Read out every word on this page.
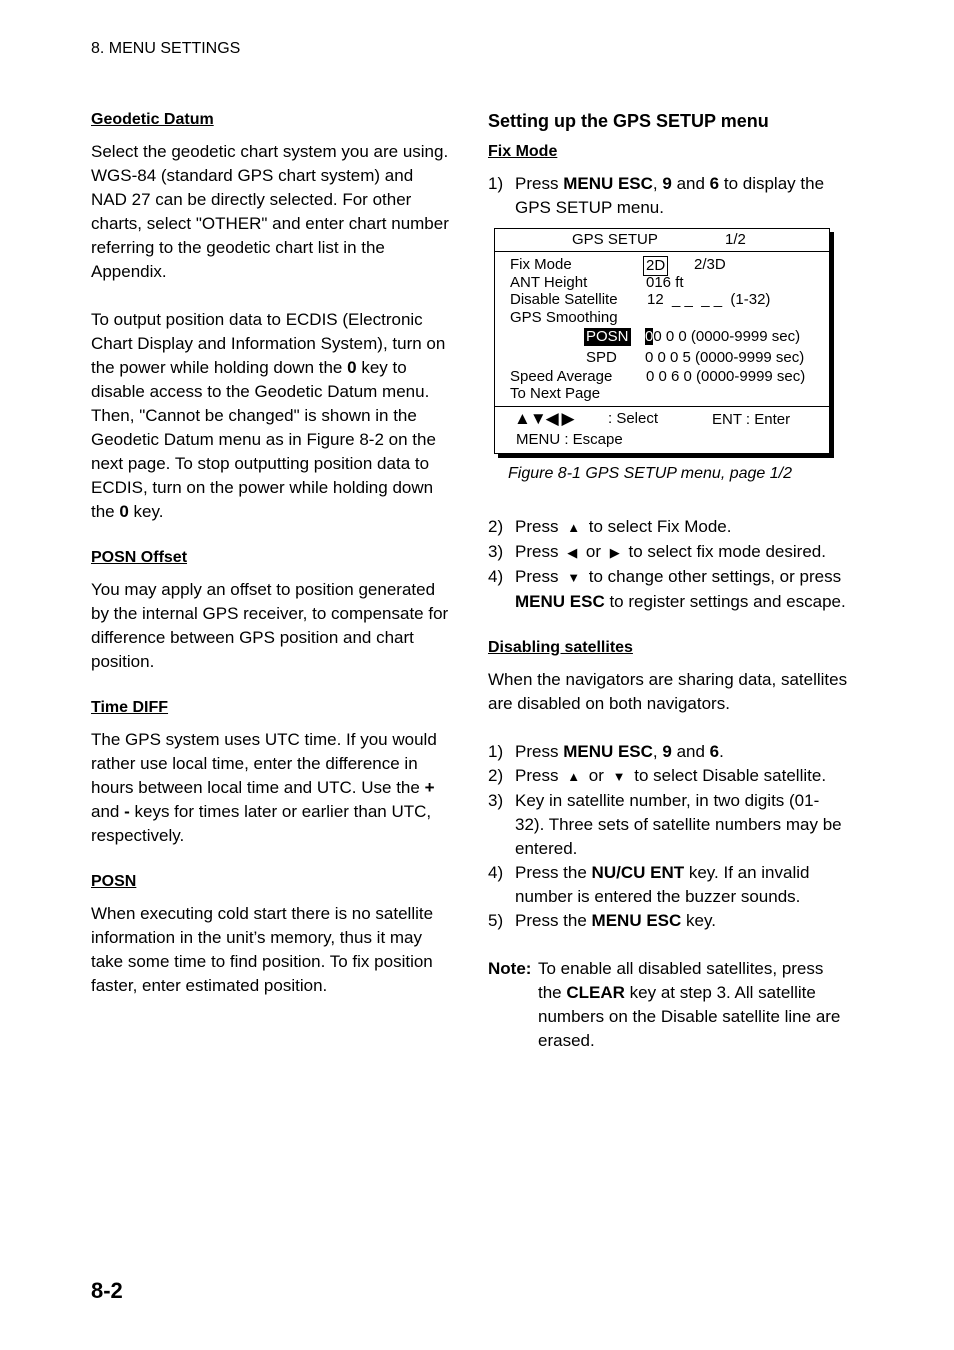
8. MENU SETTINGS
Geodetic Datum

Select the geodetic chart system you are using. WGS-84 (standard GPS chart system) and NAD 27 can be directly selected. For other charts, select "OTHER" and enter chart number referring to the geodetic chart list in the Appendix.

To output position data to ECDIS (Electronic Chart Display and Information System), turn on the power while holding down the 0 key to disable access to the Geodetic Datum menu. Then, "Cannot be changed" is shown in the Geodetic Datum menu as in Figure 8-2 on the next page. To stop outputting position data to ECDIS, turn on the power while holding down the 0 key.

POSN Offset

You may apply an offset to position generated by the internal GPS receiver, to compensate for difference between GPS position and chart position.

Time DIFF

The GPS system uses UTC time. If you would rather use local time, enter the difference in hours between local time and UTC. Use the + and - keys for times later or earlier than UTC, respectively.

POSN

When executing cold start there is no satellite information in the unit’s memory, thus it may take some time to find position. To fix position faster, enter estimated position.

Setting up the GPS SETUP menu
Fix Mode
1) Press MENU ESC, 9 and 6 to display the GPS SETUP menu.
GPS SETUP	1/2
Fix Mode	2D 2/3D
ANT Height	016 ft
Disable Satellite 12  _ _  _ _  (1-32)
GPS Smoothing
POSN 00 0 0 (0000-9999 sec)
SPD 0 0 0 5 (0000-9999 sec)
Speed Average 0 0 6 0 (0000-9999 sec)
To Next Page
▲▼◀ ▶ : Select	ENT : Enter
MENU : Escape
Figure 8-1 GPS SETUP menu, page 1/2
2) Press ▲ to select Fix Mode.
3) Press ◀ or ▶ to select fix mode desired.
4) Press ▼ to change other settings, or press MENU ESC to register settings and escape.
Disabling satellites

When the navigators are sharing data, satellites are disabled on both navigators.

1) Press MENU ESC, 9 and 6.
2) Press ▲ or ▼ to select Disable satellite.
3) Key in satellite number, in two digits (01-32). Three sets of satellite numbers may be entered.
4) Press the NU/CU ENT key. If an invalid number is entered the buzzer sounds.
5) Press the MENU ESC key.
Note: To enable all disabled satellites, press the CLEAR key at step 3. All satellite numbers on the Disable satellite line are erased.
8-2
